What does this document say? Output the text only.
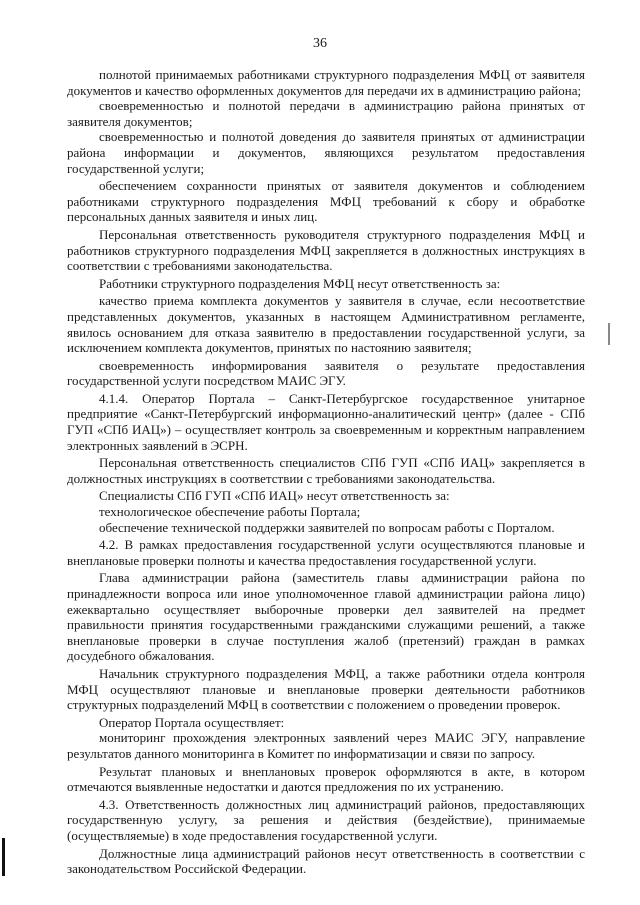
36

полнотой принимаемых работниками структурного подразделения МФЦ от заявителя документов и качество оформленных документов для передачи их в администрацию района;

своевременностью и полнотой передачи в администрацию района принятых от заявителя документов;

своевременностью и полнотой доведения до заявителя принятых от администрации района информации и документов, являющихся результатом предоставления государственной услуги;

обеспечением сохранности принятых от заявителя документов и соблюдением работниками структурного подразделения МФЦ требований к сбору и обработке персональных данных заявителя и иных лиц.

Персональная ответственность руководителя структурного подразделения МФЦ и работников структурного подразделения МФЦ закрепляется в должностных инструкциях в соответствии с требованиями законодательства.

Работники структурного подразделения МФЦ несут ответственность за:

качество приема комплекта документов у заявителя в случае, если несоответствие представленных документов, указанных в настоящем Административном регламенте, явилось основанием для отказа заявителю в предоставлении государственной услуги, за исключением комплекта документов, принятых по настоянию заявителя;

своевременность информирования заявителя о результате предоставления государственной услуги посредством МАИС ЭГУ.

4.1.4. Оператор Портала – Санкт-Петербургское государственное унитарное предприятие «Санкт-Петербургский информационно-аналитический центр» (далее - СПб ГУП «СПб ИАЦ») – осуществляет контроль за своевременным и корректным направлением электронных заявлений в ЭСРН.

Персональная ответственность специалистов СПб ГУП «СПб ИАЦ» закрепляется в должностных инструкциях в соответствии с требованиями законодательства.

Специалисты СПб ГУП «СПб ИАЦ» несут ответственность за:

технологическое обеспечение работы Портала;

обеспечение технической поддержки заявителей по вопросам работы с Порталом.

4.2. В рамках предоставления государственной услуги осуществляются плановые и внеплановые проверки полноты и качества предоставления государственной услуги.

Глава администрации района (заместитель главы администрации района по принадлежности вопроса или иное уполномоченное главой администрации района лицо) ежеквартально осуществляет выборочные проверки дел заявителей на предмет правильности принятия государственными гражданскими служащими решений, а также внеплановые проверки в случае поступления жалоб (претензий) граждан в рамках досудебного обжалования.

Начальник структурного подразделения МФЦ, а также работники отдела контроля МФЦ осуществляют плановые и внеплановые проверки деятельности работников структурных подразделений МФЦ в соответствии с положением о проведении проверок.

Оператор Портала осуществляет:

мониторинг прохождения электронных заявлений через МАИС ЭГУ, направление результатов данного мониторинга в Комитет по информатизации и связи по запросу.

Результат плановых и внеплановых проверок оформляются в акте, в котором отмечаются выявленные недостатки и даются предложения по их устранению.

4.3. Ответственность должностных лиц администраций районов, предоставляющих государственную услугу, за решения и действия (бездействие), принимаемые (осуществляемые) в ходе предоставления государственной услуги.

Должностные лица администраций районов несут ответственность в соответствии с законодательством Российской Федерации.
